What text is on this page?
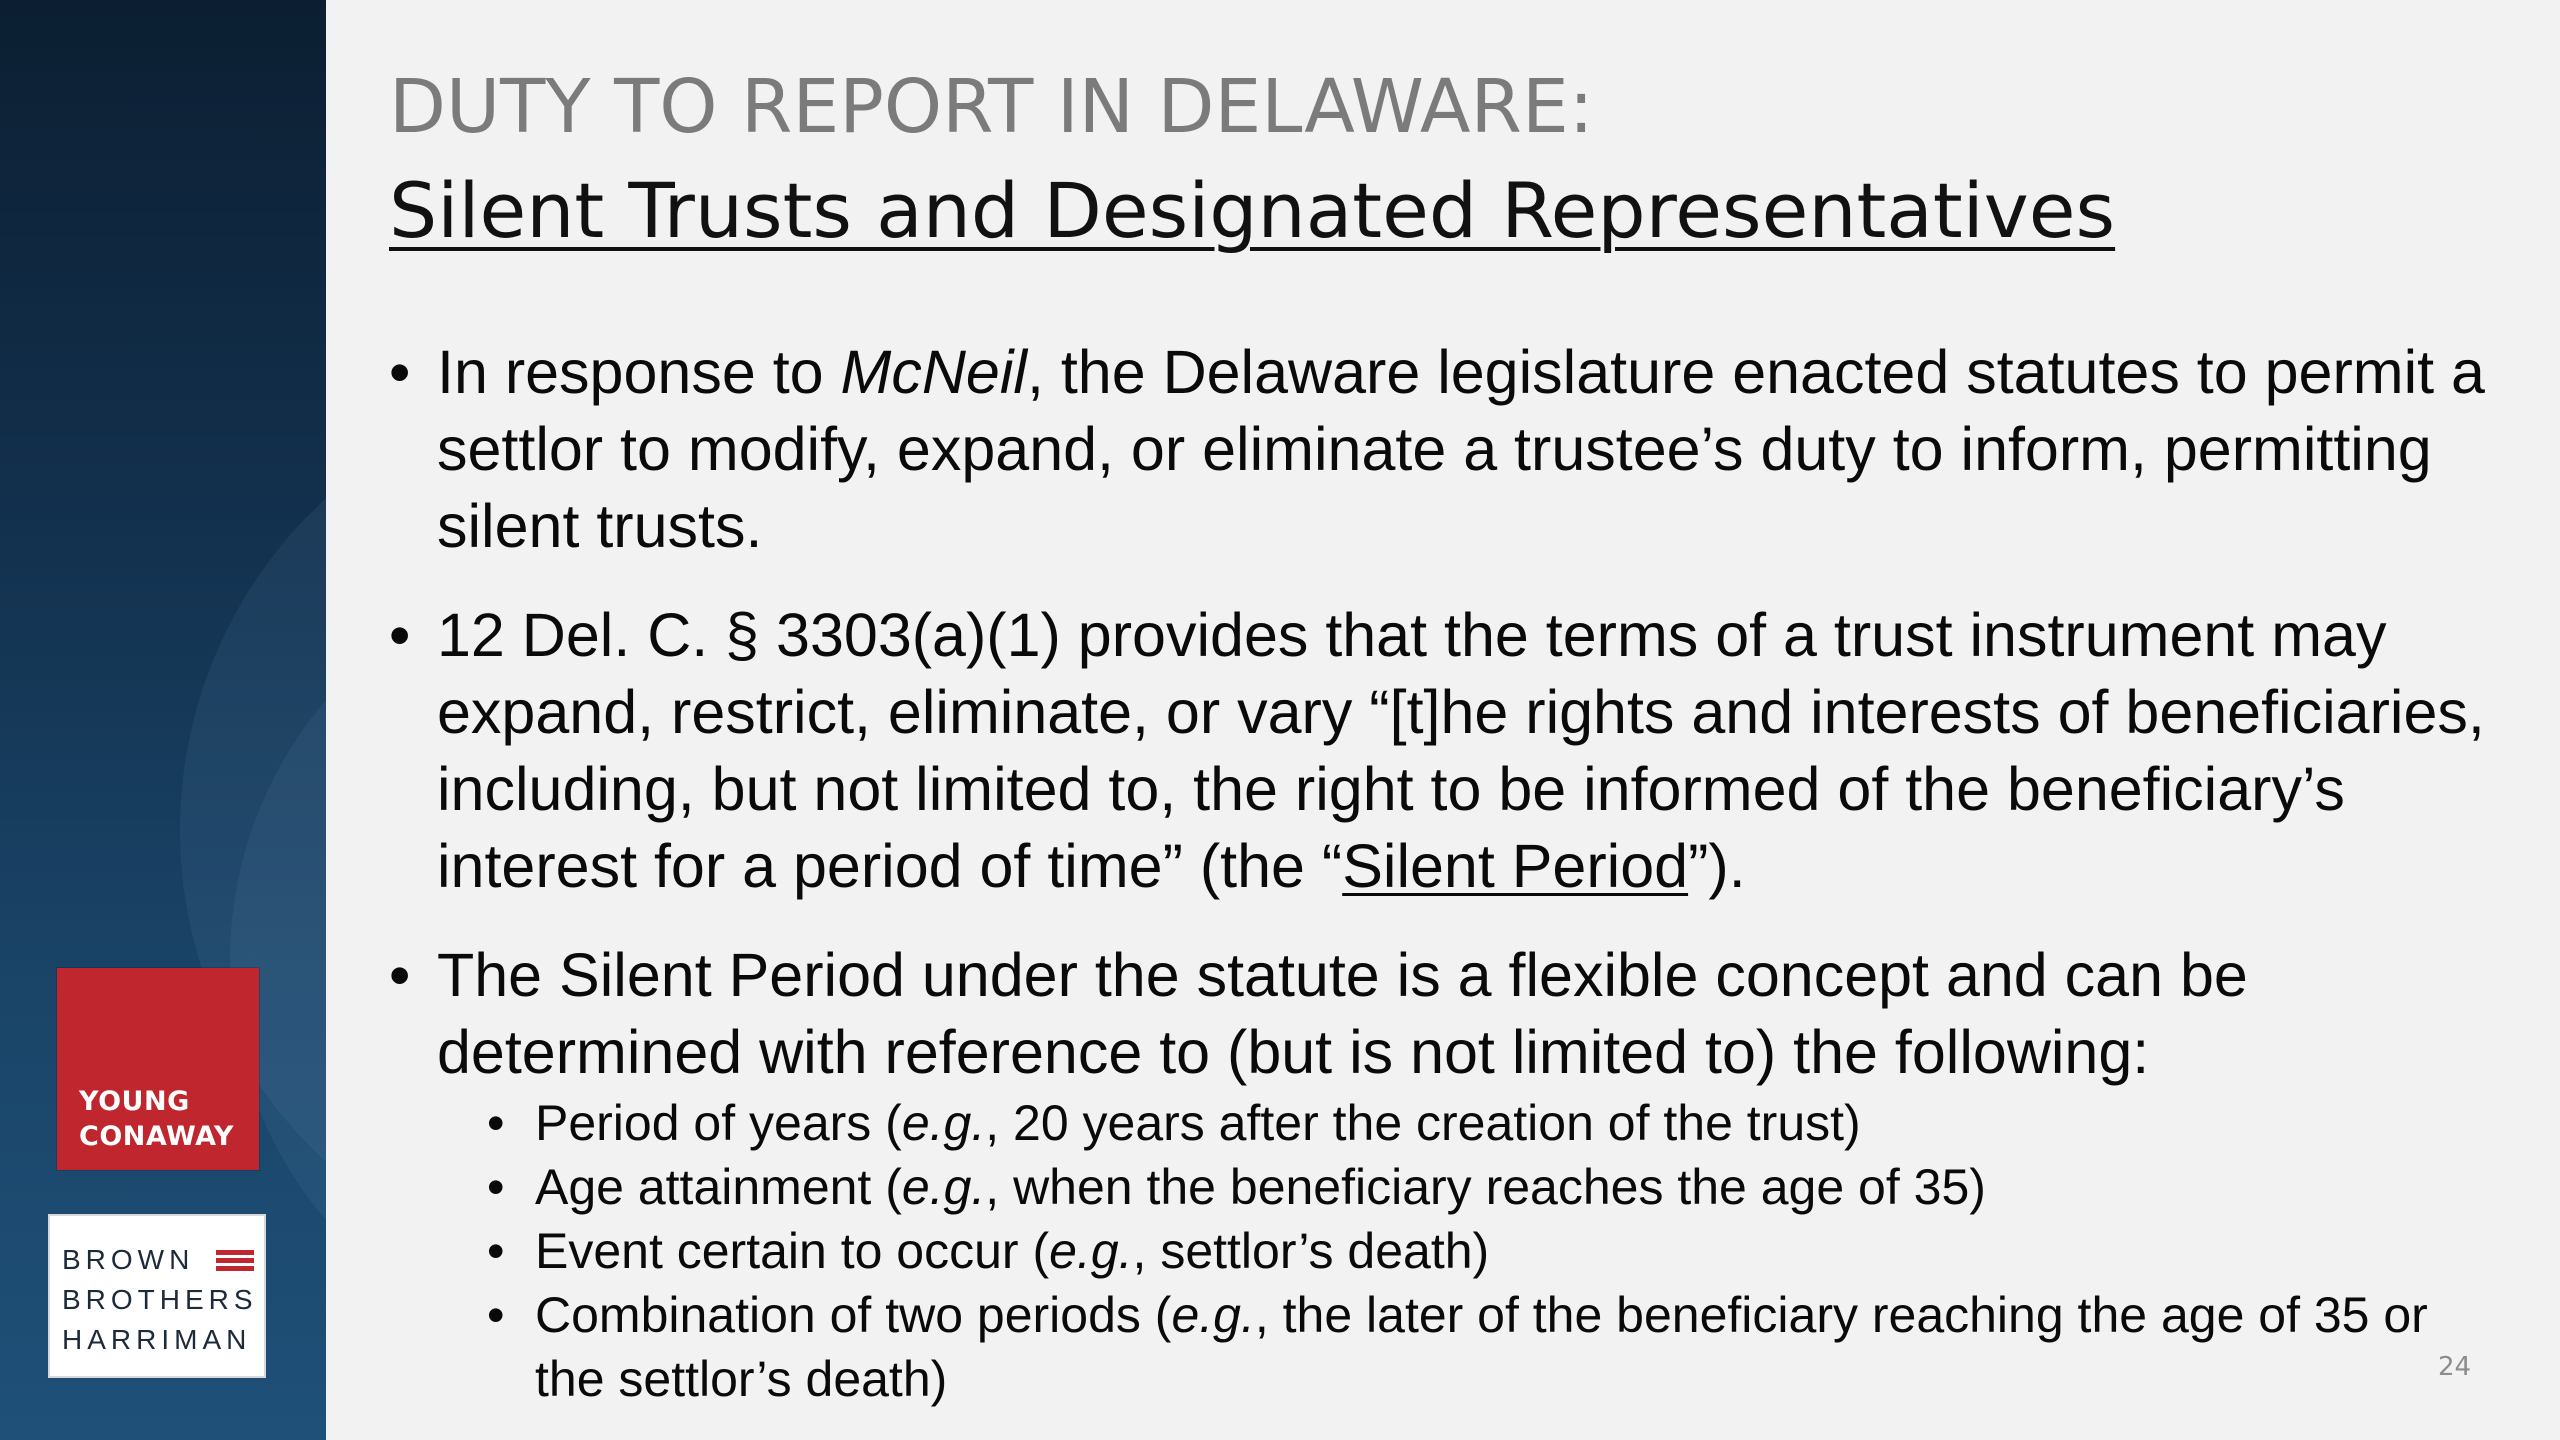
YOUNG
CONAWAY
BROWN
BROTHERS
HARRIMAN
DUTY TO REPORT IN DELAWARE:
Silent Trusts and Designated Representatives
• In response to McNeil, the Delaware legislature enacted statutes to permit a settlor to modify, expand, or eliminate a trustee’s duty to inform, permitting silent trusts.
• 12 Del. C. § 3303(a)(1) provides that the terms of a trust instrument may expand, restrict, eliminate, or vary “[t]he rights and interests of beneficiaries, including, but not limited to, the right to be informed of the beneficiary’s interest for a period of time” (the “Silent Period”).
• The Silent Period under the statute is a flexible concept and can be determined with reference to (but is not limited to) the following:
• Period of years (e.g., 20 years after the creation of the trust)
• Age attainment (e.g., when the beneficiary reaches the age of 35)
• Event certain to occur (e.g., settlor’s death)
• Combination of two periods (e.g., the later of the beneficiary reaching the age of 35 or the settlor’s death)	24
